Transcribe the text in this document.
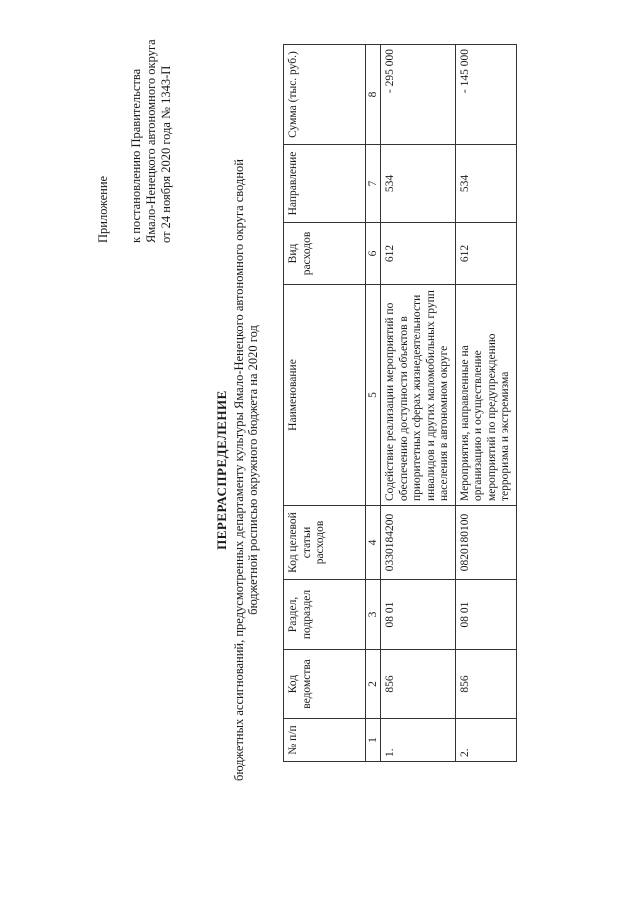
Приложение к постановлению Правительства Ямало-Ненецкого автономного округа от 24 ноября 2020 года № 1343-П
ПЕРЕРАСПРЕДЕЛЕНИЕ бюджетных ассигнований, предусмотренных департаменту культуры Ямало-Ненецкого автономного округа сводной бюджетной росписью окружного бюджета на 2020 год
№ п/п	Код ведомства	Раздел, подраздел	Код целевой статьи расходов	Наименование	Вид расходов	Направление	Сумма (тыс. руб.)
1	2	3	4	5	6	7	8
1.	856	08 01	0330184200	Содействие реализации мероприятий по обеспечению доступности объектов в приоритетных сферах жизнедеятельности инвалидов и других маломобильных групп населения в автономном округе	612	534	- 295 000
2.	856	08 01	0820180100	Мероприятия, направленные на организацию и осуществление мероприятий по предупреждению терроризма и экстремизма	612	534	- 145 000
